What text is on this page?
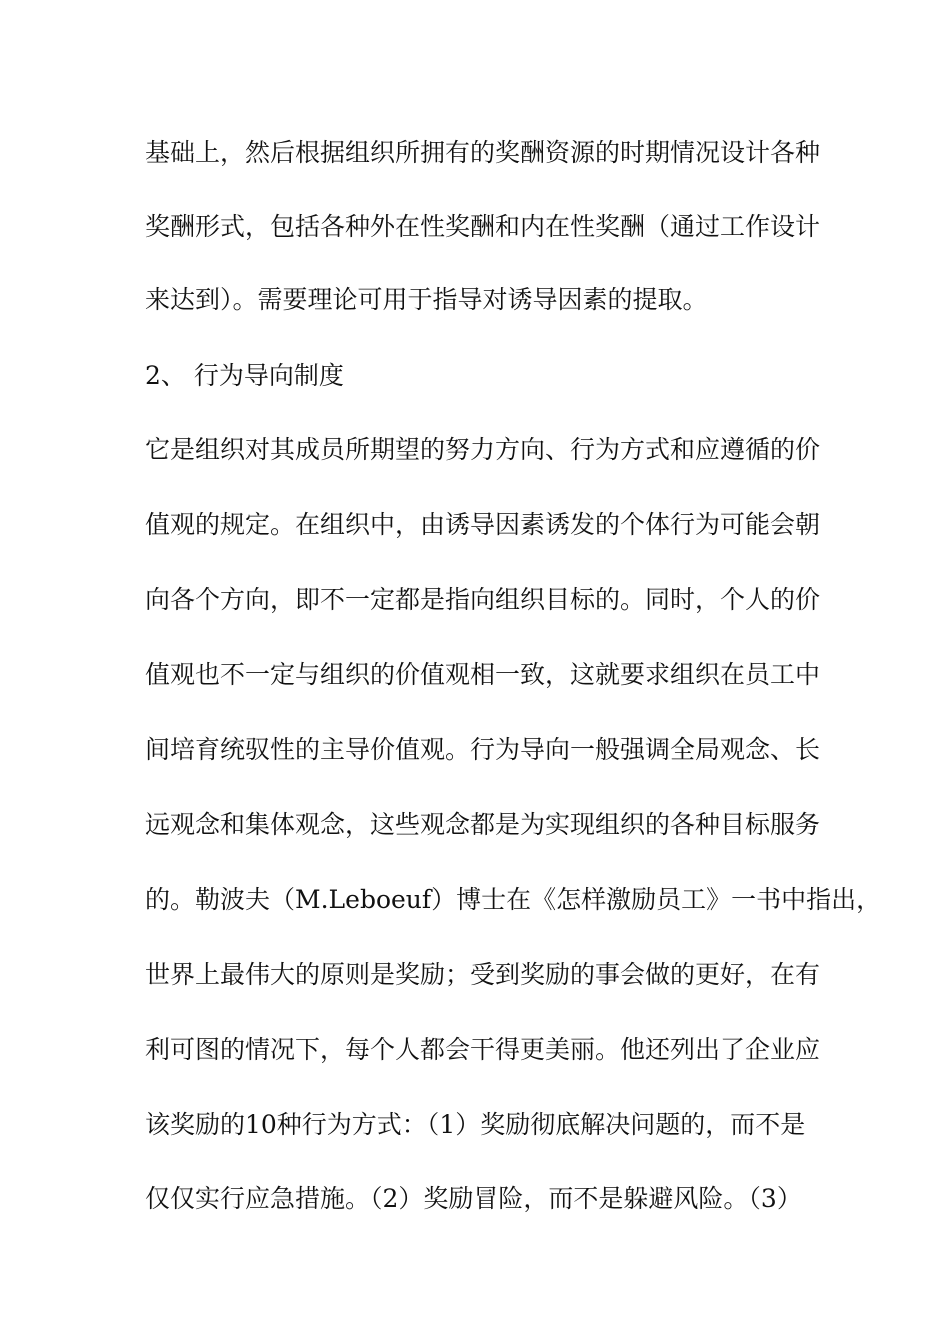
基础上，然后根据组织所拥有的奖酬资源的时期情况设计各种
奖酬形式，包括各种外在性奖酬和内在性奖酬（通过工作设计
来达到）。需要理论可用于指导对诱导因素的提取。
2、 行为导向制度
它是组织对其成员所期望的努力方向、行为方式和应遵循的价
值观的规定。在组织中，由诱导因素诱发的个体行为可能会朝
向各个方向，即不一定都是指向组织目标的。同时，个人的价
值观也不一定与组织的价值观相一致，这就要求组织在员工中
间培育统驭性的主导价值观。行为导向一般强调全局观念、长
远观念和集体观念，这些观念都是为实现组织的各种目标服务
的。勒波夫（M.Leboeuf）博士在《怎样激励员工》一书中指出，
世界上最伟大的原则是奖励；受到奖励的事会做的更好，在有
利可图的情况下，每个人都会干得更美丽。他还列出了企业应
该奖励的10种行为方式：（1）奖励彻底解决问题的，而不是
仅仅实行应急措施。（2）奖励冒险，而不是躲避风险。（3）
